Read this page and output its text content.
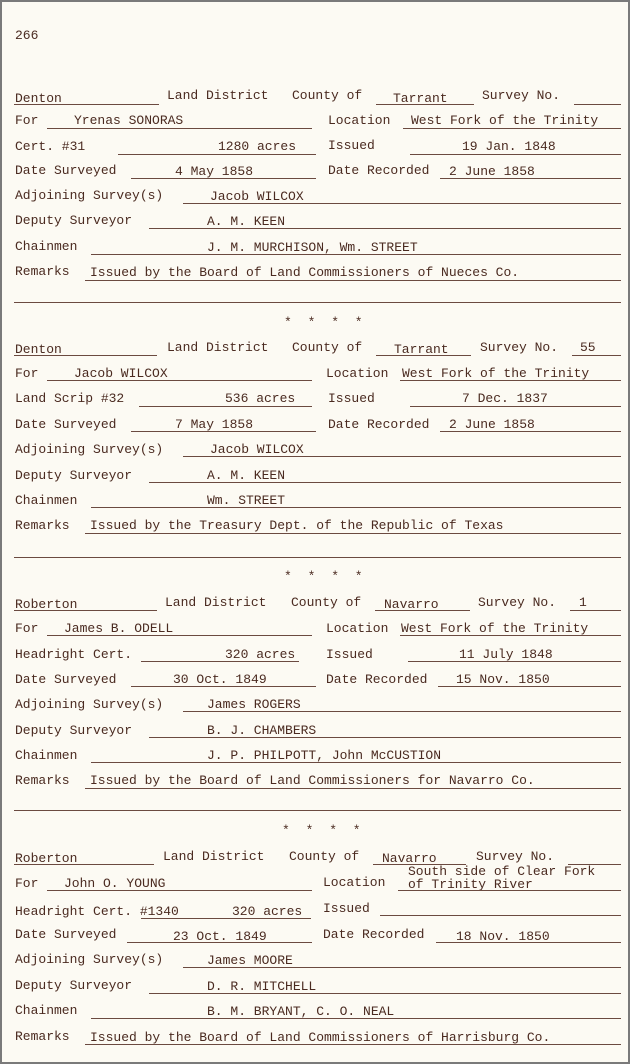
266
Denton	Land District County of Tarrant	Survey No.
For	Yrenas SONORAS	Location West Fork of the Trinity
Cert. #31	1280 acres Issued	19 Jan. 1848
Date Surveyed	4 May 1858	Date Recorded 2 June 1858
Adjoining Survey(s)	Jacob WILCOX
Deputy Surveyor	A. M. KEEN
Chainmen	J. M. MURCHISON, Wm. STREET
Remarks Issued by the Board of Land Commissioners of Nueces Co.
* * * *
Denton	Land District County of Tarrant Survey No. 55
For	Jacob WILCOX	Location West Fork of the Trinity
Land Scrip #32	536 acres	Issued	7 Dec. 1837
Date Surveyed	7 May 1858	Date Recorded 2 June 1858
Adjoining Survey(s)	Jacob WILCOX
Deputy Surveyor	A. M. KEEN
Chainmen	Wm. STREET
Remarks Issued by the Treasury Dept. of the Republic of Texas
* * * *
Roberton	Land District County of Navarro	Survey No. 1
For James B. ODELL	Location West Fork of the Trinity
Headright Cert.	320 acres Issued	11 July 1848
Date Surveyed	30 Oct. 1849	Date Recorded 15 Nov. 1850
Adjoining Survey(s)	James ROGERS
Deputy Surveyor	B. J. CHAMBERS
Chainmen	J. P. PHILPOTT, John McCUSTION
Remarks Issued by the Board of Land Commissioners for Navarro Co.
* * * *
Roberton	Land District County of Navarro	Survey No.
For John O. YOUNG	Location
South side of Clear Fork
of Trinity River
Headright Cert. #1340	320 acres Issued
Date Surveyed	23 Oct. 1849	Date Recorded 18 Nov. 1850
Adjoining Survey(s)	James MOORE
Deputy Surveyor	D. R. MITCHELL
Chainmen	B. M. BRYANT, C. O. NEAL
Remarks Issued by the Board of Land Commissioners of Harrisburg Co.
